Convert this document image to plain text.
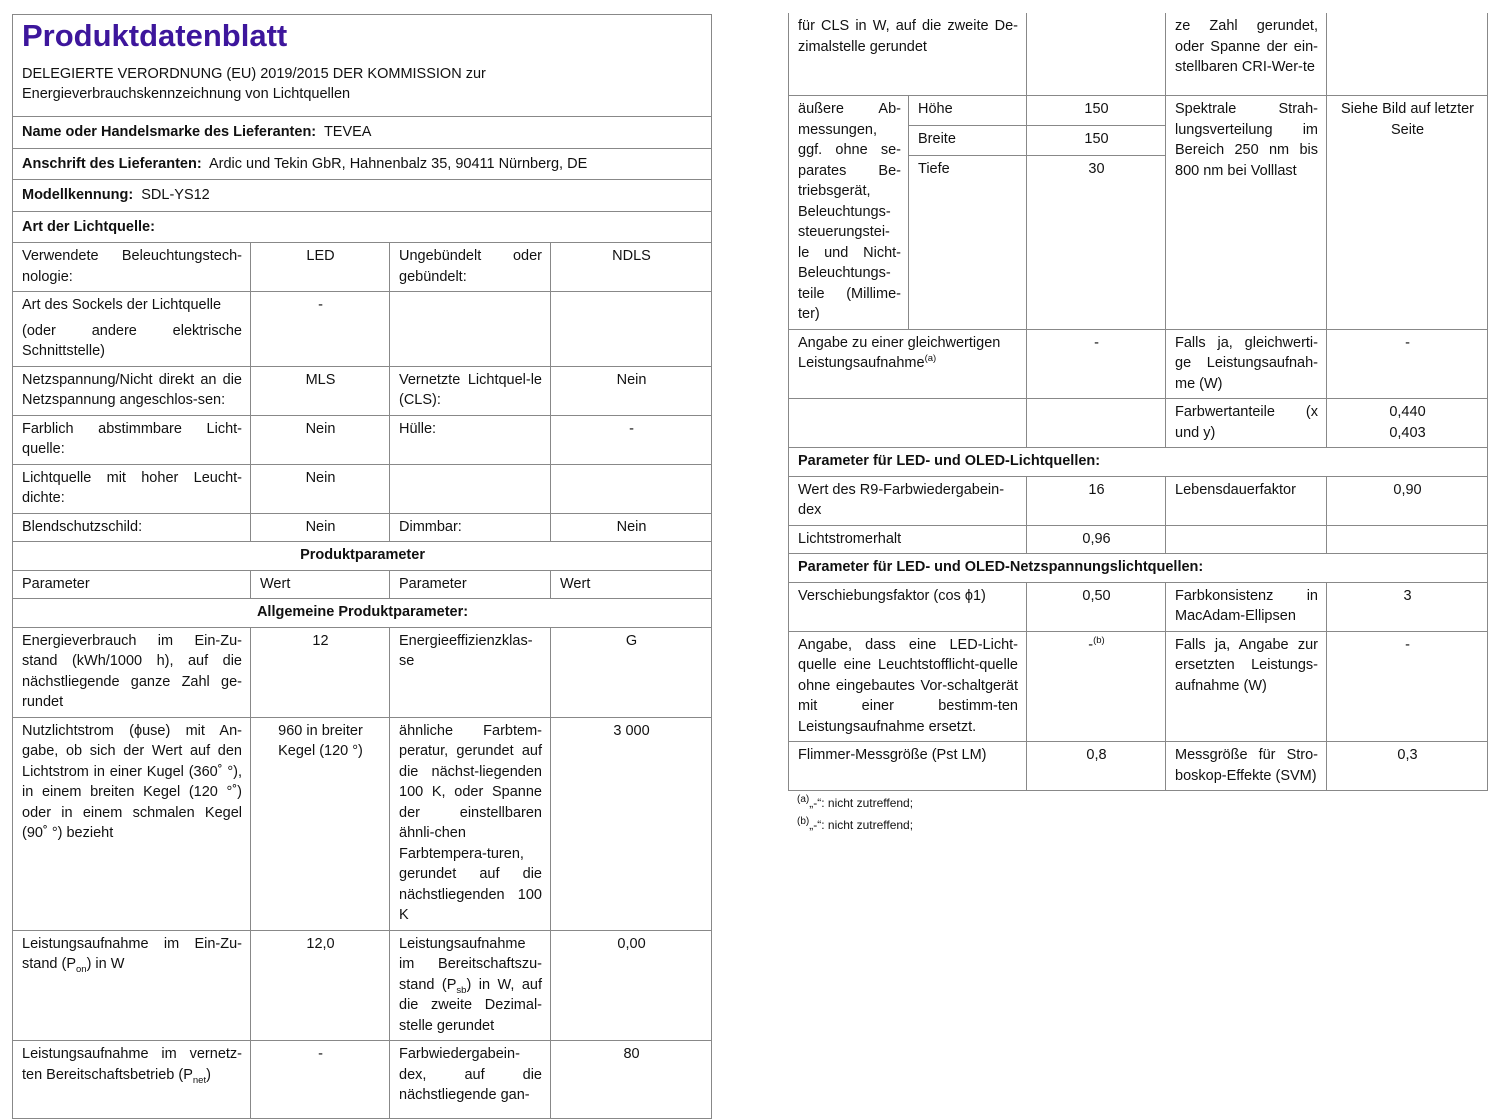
Produktdatenblatt
DELEGIERTE VERORDNUNG (EU) 2019/2015 DER KOMMISSION zur
Energieverbrauchskennzeichnung von Lichtquellen			

Name oder Handelsmarke des Lieferanten: TEVEA			
Anschrift des Lieferanten: Ardic und Tekin GbR, Hahnenbalz 35, 90411 Nürnberg, DE			
Modellkennung: SDL-YS12			
Art der Lichtquelle:			
Verwendete Beleuchtungstech-nologie:	LED	Ungebündelt oder gebündelt:	NDLS

Art des Sockels der Lichtquelle
(oder andere elektrische Schnittstelle)	-		
Netzspannung/Nicht direkt an die Netzspannung angeschlos-sen:	MLS	Vernetzte Lichtquel-le (CLS):	Nein
Farblich abstimmbare Licht-quelle:	Nein	Hülle:	-
Lichtquelle mit hoher Leucht-dichte:	Nein		
Blendschutzschild:	Nein	Dimmbar:	Nein
Produktparameter			
Parameter	Wert	Parameter	Wert
Allgemeine Produktparameter:			
Energieverbrauch im Ein-Zu-stand (kWh/1000 h), auf die nächstliegende ganze Zahl ge-rundet	12	Energieeffizienzklas-se	G
Nutzlichtstrom (ϕuse) mit An-gabe, ob sich der Wert auf den Lichtstrom in einer Kugel (360˚ °), in einem breiten Kegel (120 °˚) oder in einem schmalen Kegel (90˚ °) bezieht	960 in breiter Kegel (120 °)	ähnliche Farbtem-peratur, gerundet auf die nächst-liegenden 100 K, oder Spanne der einstellbaren ähnli-chen Farbtempera-turen, gerundet auf die nächstliegenden 100 K	3 000
Leistungsaufnahme im Ein-Zu-stand $(P_{on})$ in W	12,0	Leistungsaufnahme im Bereitschaftszu-stand $(P_{sb})$ in W, auf die zweite Dezimal-stelle gerundet	0,00
Leistungsaufnahme im vernetz-ten Bereitschaftsbetrieb $(P_{net})$	-	Farbwiedergabein-dex, auf die nächstliegende gan-	80
für CLS in W, auf die zweite De-zimalstelle gerundet			ze Zahl gerundet, oder Spanne der ein-stellbaren CRI-Wer-te	
äußere Ab-messungen, ggf. ohne se-parates Be-triebsgerät, Beleuchtungs-steuerungstei-le und Nicht-Beleuchtungs-teile (Millime-ter)	Höhe	150	Spektrale Strah-lungsverteilung im Bereich 250 nm bis 800 nm bei Volllast	Siehe Bild auf letzter Seite
	Breite	150		
	Tiefe	30		
Angabe zu einer gleichwertigen Leistungsaufnahme$^{(a)}$		-	Falls ja, gleichwerti-ge Leistungsaufnah-me (W)	-
			Farbwertanteile (x und y)	0,440
0,403

Parameter für LED- und OLED-Lichtquellen:				
Wert des R9-Farbwiedergabein-dex		16	Lebensdauerfaktor	0,90
Lichtstromerhalt		0,96		
Parameter für LED- und OLED-Netzspannungslichtquellen:				
Verschiebungsfaktor (cos ϕ1)		0,50	Farbkonsistenz in MacAdam-Ellipsen	3
Angabe, dass eine LED-Licht-quelle eine Leuchtstofflicht-quelle ohne eingebautes Vor-schaltgerät mit einer bestimm-ten Leistungsaufnahme ersetzt.		-$^{(b)}$	Falls ja, Angabe zur ersetzten Leistungs-aufnahme (W)	-
Flimmer-Messgröße (Pst LM)		0,8	Messgröße für Stro-boskop-Effekte (SVM)	0,3
$^{(a)}$„-“: nicht zutreffend;
$^{(b)}$„-“: nicht zutreffend;
